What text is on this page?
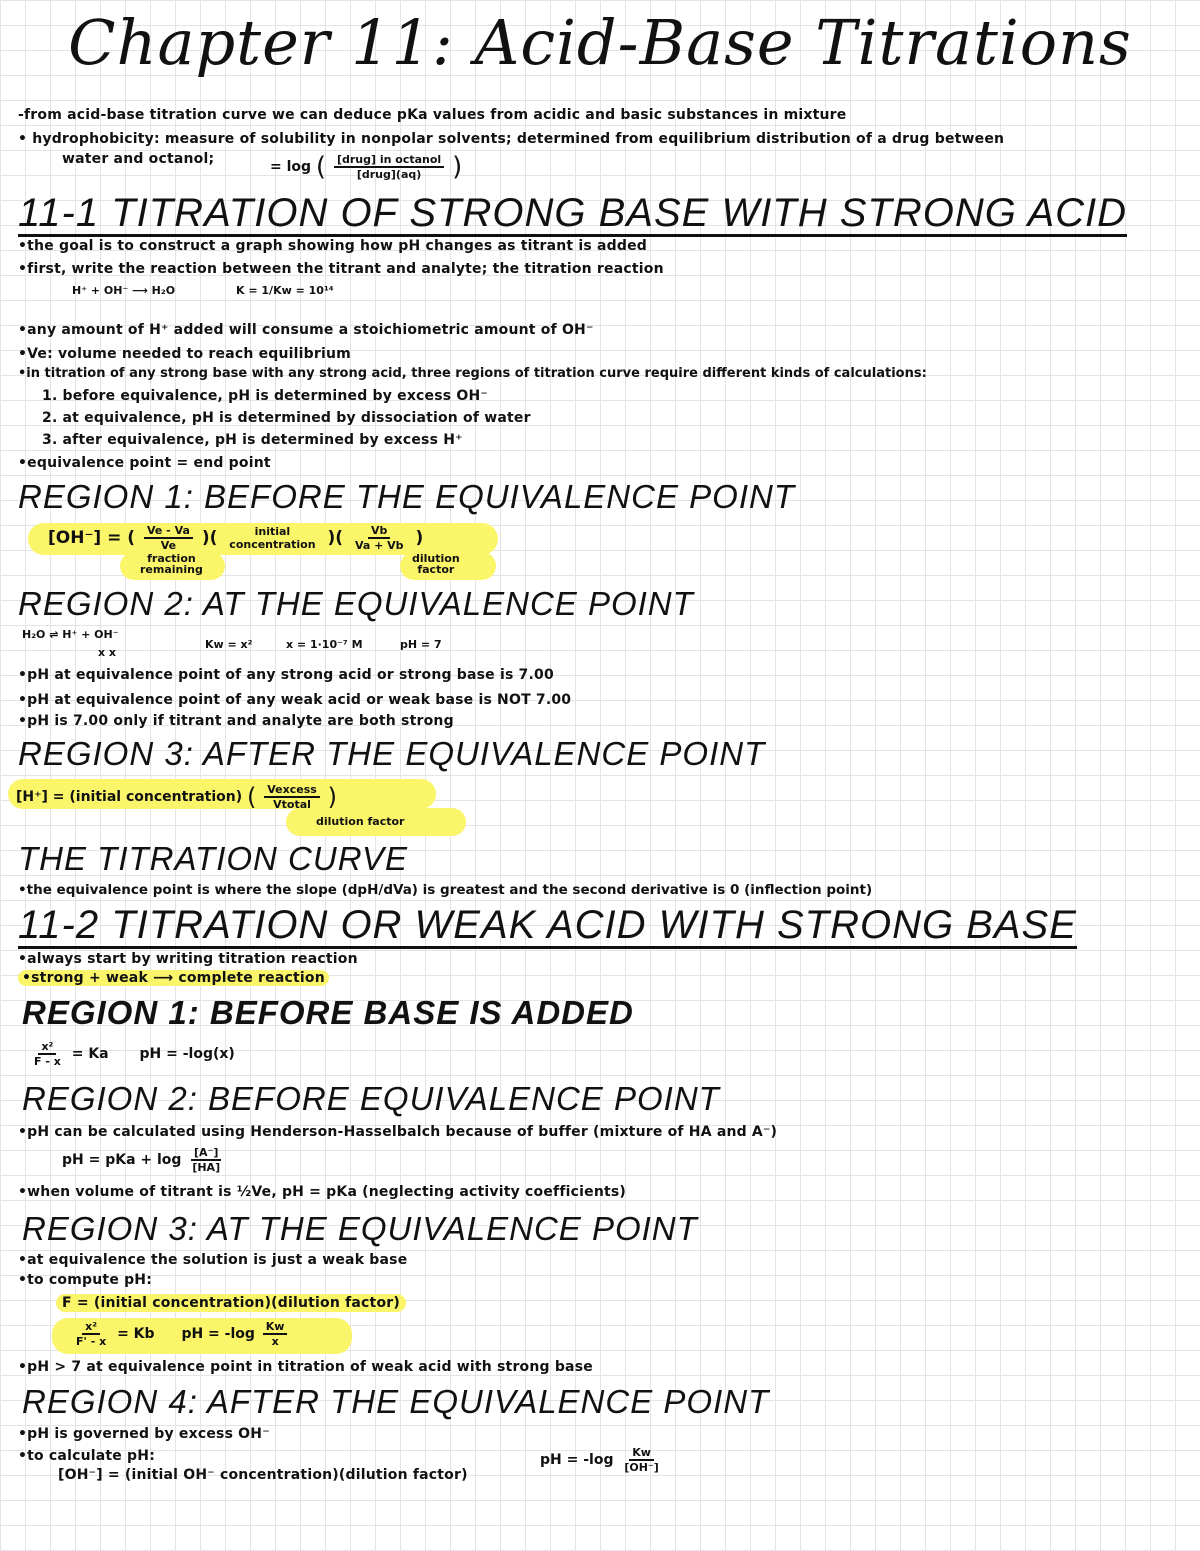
Chapter 11: Acid-Base Titrations
-from acid-base titration curve we can deduce pKa values from acidic and basic substances in mixture
• hydrophobicity: measure of solubility in nonpolar solvents; determined from equilibrium distribution of a drug between
water and octanol;	= log ( $\frac{\text{[drug] in octanol}}{\text{[drug](aq)}}$ )
11-1 TITRATION OF STRONG BASE WITH STRONG ACID
•the goal is to construct a graph showing how pH changes as titrant is added
•first, write the reaction between the titrant and analyte; the titration reaction
H⁺ + OH⁻ ⟶ H₂O	K = 1/Kw = 10¹⁴
•any amount of H⁺ added will consume a stoichiometric amount of OH⁻
•Ve: volume needed to reach equilibrium
•in titration of any strong base with any strong acid, three regions of titration curve require different kinds of calculations:
1. before equivalence, pH is determined by excess OH⁻
2. at equivalence, pH is determined by dissociation of water
3. after equivalence, pH is determined by excess H⁺
•equivalence point = end point
REGION 1: BEFORE THE EQUIVALENCE POINT
[OH⁻] = ( $\frac{Ve - Va}{Ve}$ )(	initial
concentration )( $\frac{Vb}{Va + Vb}$ )
fraction
remaining
dilution
factor
REGION 2: AT THE EQUIVALENCE POINT
H₂O ⇌ H⁺ + OH⁻
x x
Kw = x²	x = 1·10⁻⁷ M	pH = 7
•pH at equivalence point of any strong acid or strong base is 7.00
•pH at equivalence point of any weak acid or weak base is NOT 7.00
•pH is 7.00 only if titrant and analyte are both strong
REGION 3: AFTER THE EQUIVALENCE POINT
[H⁺] = (initial concentration) ( $\frac{\text{Vexcess}}{\text{Vtotal}}$ )
dilution factor
THE TITRATION CURVE
•the equivalence point is where the slope (dpH/dVa) is greatest and the second derivative is 0 (inflection point)
11-2 TITRATION OR WEAK ACID WITH STRONG BASE
•always start by writing titration reaction
•strong + weak ⟶ complete reaction
REGION 1: BEFORE BASE IS ADDED
$\frac{\text{x²}}{F - x} = Ka$ pH = -log(x)
REGION 2: BEFORE EQUIVALENCE POINT
•pH can be calculated using Henderson-Hasselbalch because of buffer (mixture of HA and A⁻)
pH = pKa + $\log \frac{[A^-]}{[HA]}$
•when volume of titrant is ½Ve, pH = pKa (neglecting activity coefficients)
REGION 3: AT THE EQUIVALENCE POINT
•at equivalence the solution is just a weak base
•to compute pH:
F = (initial concentration)(dilution factor)
$\frac{\text{x²}}{F' - x} = Kb$ pH = $-\log \frac{Kw}{x}$
•pH > 7 at equivalence point in titration of weak acid with strong base
REGION 4: AFTER THE EQUIVALENCE POINT
•pH is governed by excess OH⁻
•to calculate pH:
[OH⁻] = (initial OH⁻ concentration)(dilution factor)
pH = $-\log \frac{Kw}{[OH^-]}$
